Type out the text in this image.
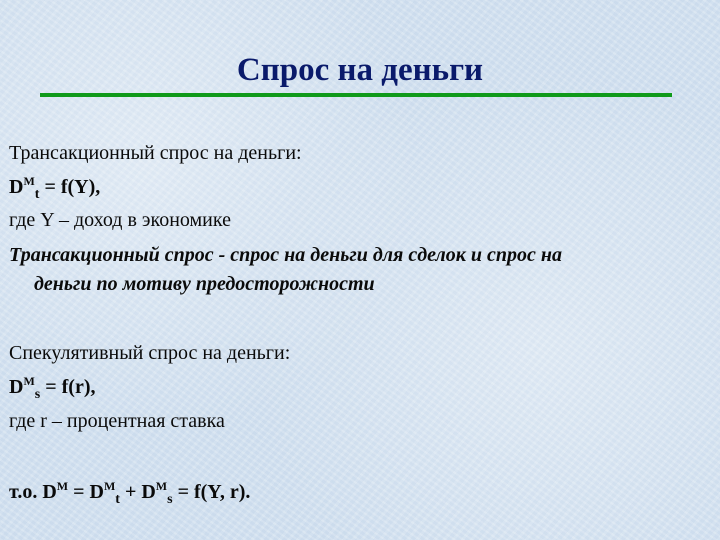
Спрос на деньги
Трансакционный спрос на деньги:
$D^M_t = f(Y)$,
где Y – доход в экономике
Трансакционный спрос - спрос на деньги для сделок и спрос на
деньги по мотиву предосторожности
Спекулятивный спрос на деньги:
$D^M_s = f(r)$,
где r – процентная ставка
т.о. $D^M = D^M_t + D^M_s = f(Y$, r).
